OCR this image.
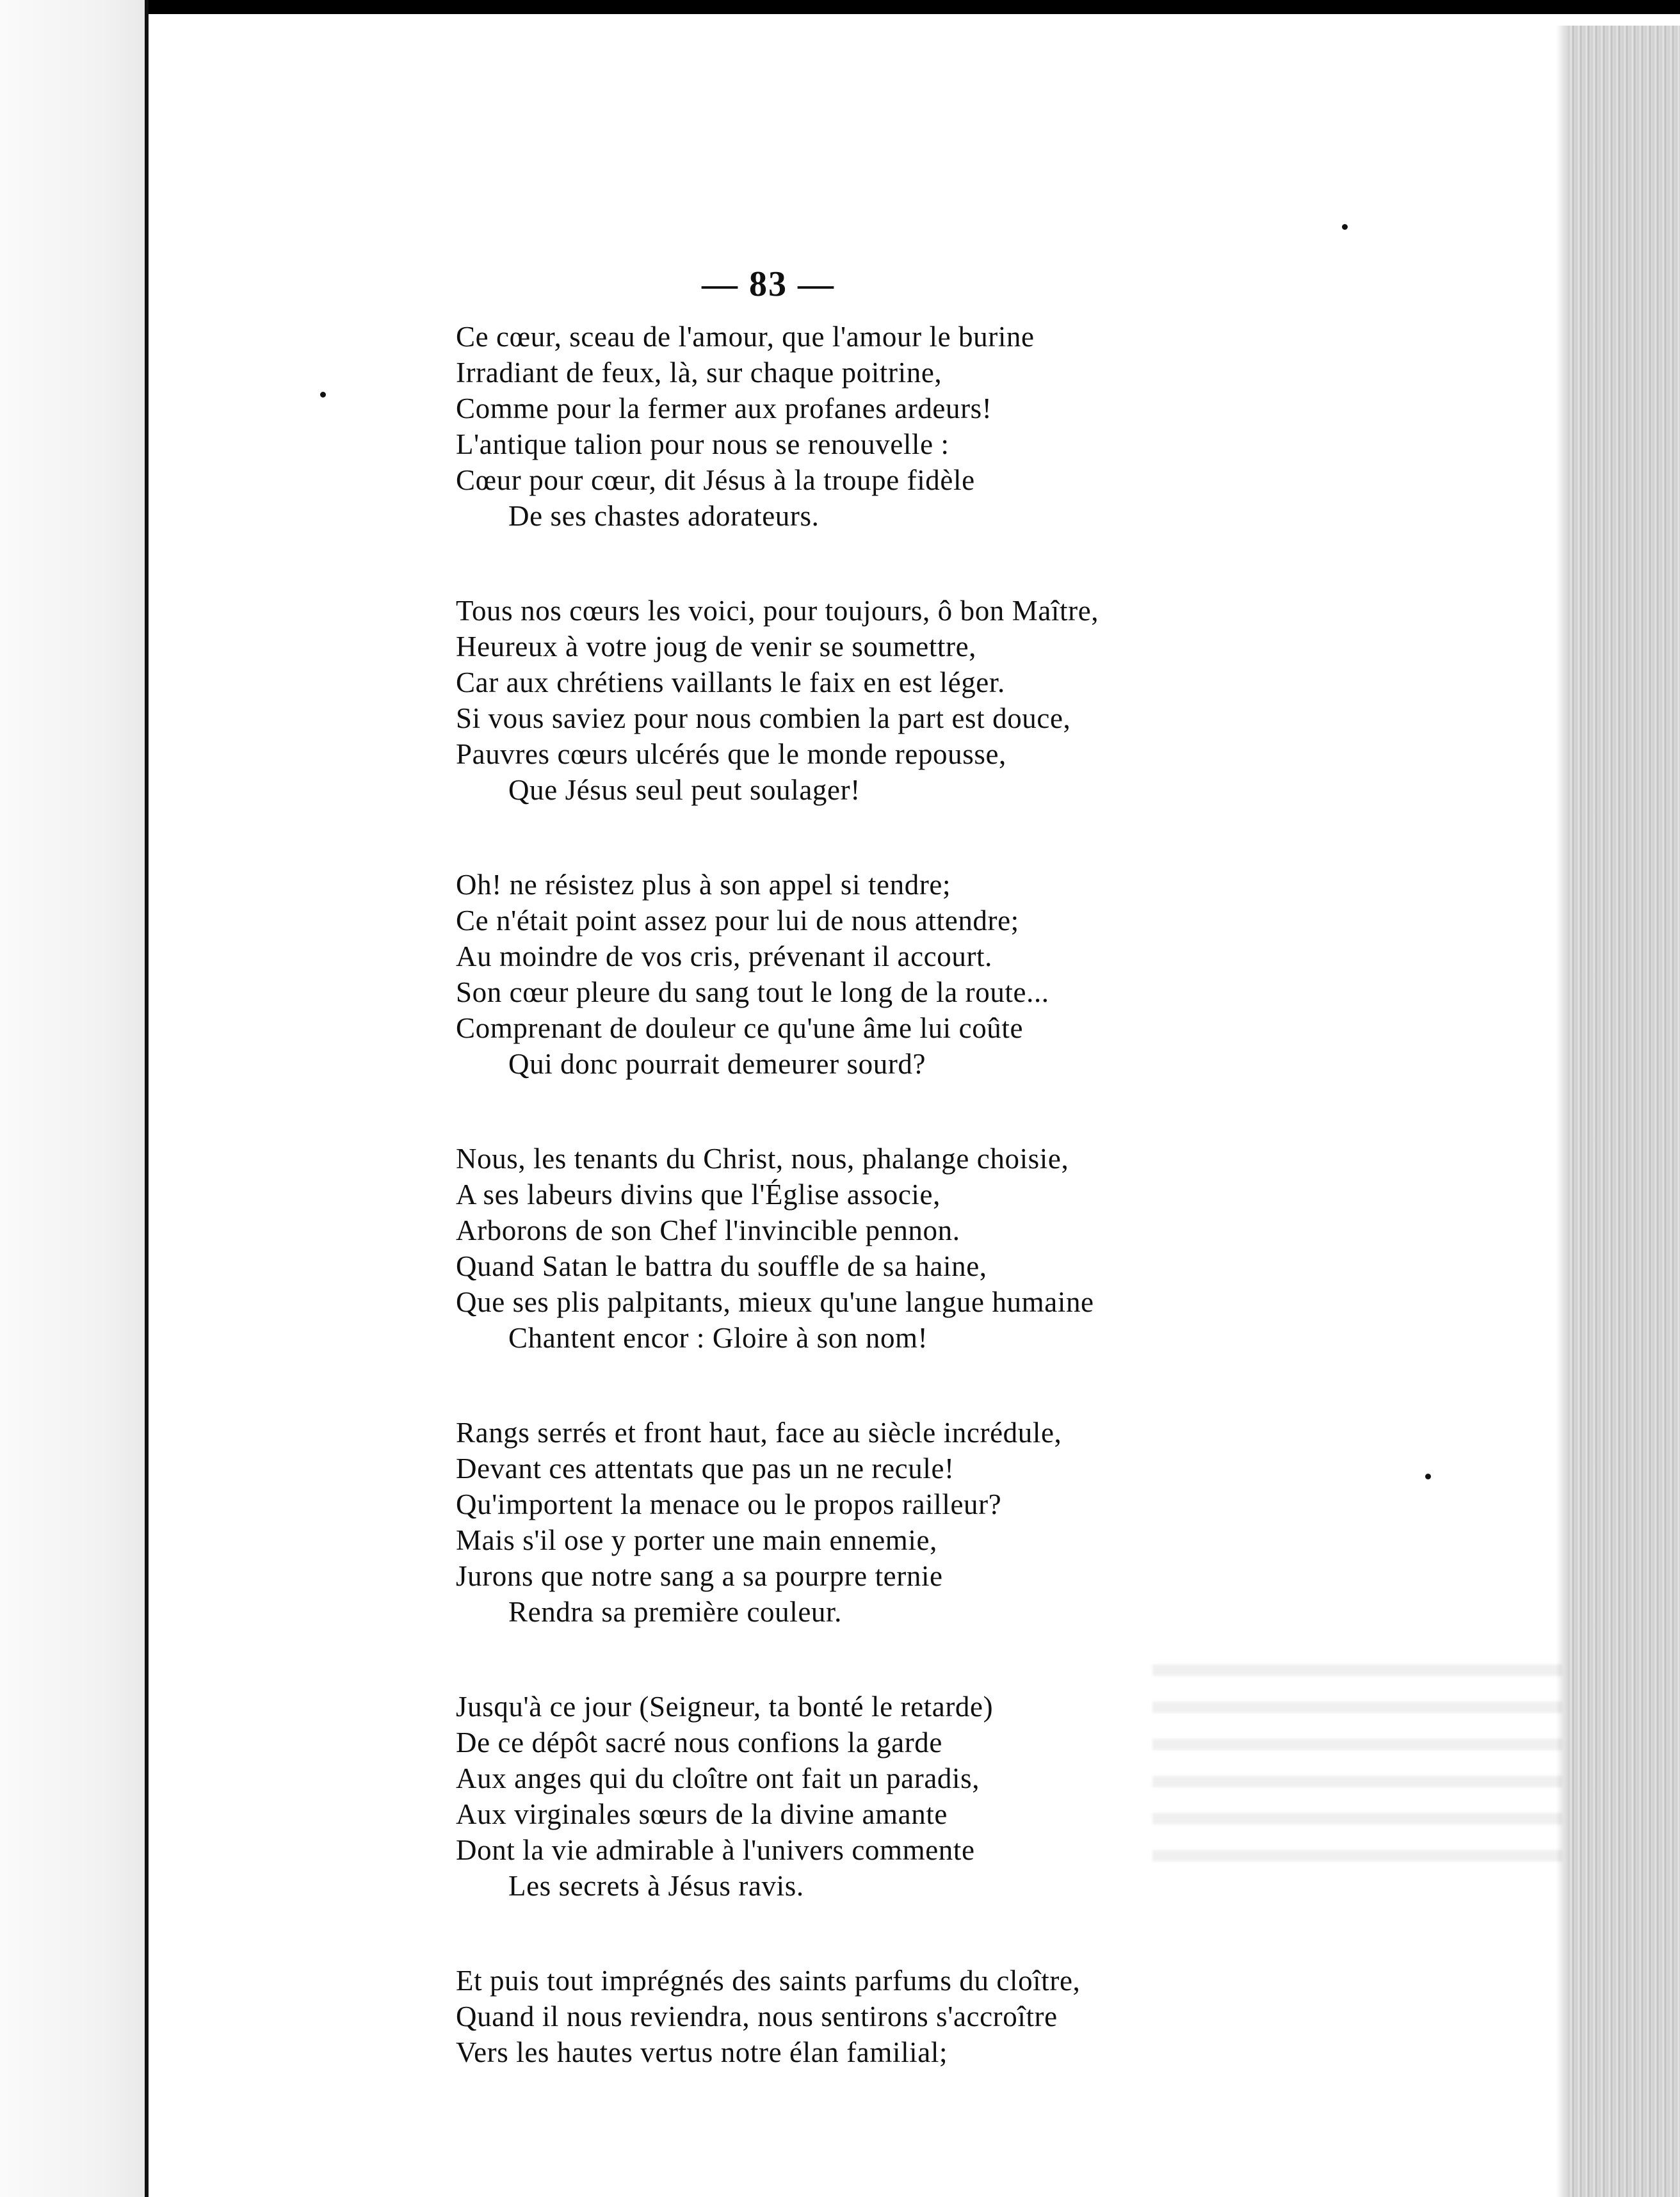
— 83 —
Ce cœur, sceau de l'amour, que l'amour le burine
Irradiant de feux, là, sur chaque poitrine,
Comme pour la fermer aux profanes ardeurs!
L'antique talion pour nous se renouvelle :
Cœur pour cœur, dit Jésus à la troupe fidèle
De ses chastes adorateurs.
Tous nos cœurs les voici, pour toujours, ô bon Maître,
Heureux à votre joug de venir se soumettre,
Car aux chrétiens vaillants le faix en est léger.
Si vous saviez pour nous combien la part est douce,
Pauvres cœurs ulcérés que le monde repousse,
Que Jésus seul peut soulager!
Oh! ne résistez plus à son appel si tendre;
Ce n'était point assez pour lui de nous attendre;
Au moindre de vos cris, prévenant il accourt.
Son cœur pleure du sang tout le long de la route...
Comprenant de douleur ce qu'une âme lui coûte
Qui donc pourrait demeurer sourd?
Nous, les tenants du Christ, nous, phalange choisie,
A ses labeurs divins que l'Église associe,
Arborons de son Chef l'invincible pennon.
Quand Satan le battra du souffle de sa haine,
Que ses plis palpitants, mieux qu'une langue humaine
Chantent encor : Gloire à son nom!
Rangs serrés et front haut, face au siècle incrédule,
Devant ces attentats que pas un ne recule!
Qu'importent la menace ou le propos railleur?
Mais s'il ose y porter une main ennemie,
Jurons que notre sang a sa pourpre ternie
Rendra sa première couleur.
Jusqu'à ce jour (Seigneur, ta bonté le retarde)
De ce dépôt sacré nous confions la garde
Aux anges qui du cloître ont fait un paradis,
Aux virginales sœurs de la divine amante
Dont la vie admirable à l'univers commente
Les secrets à Jésus ravis.
Et puis tout imprégnés des saints parfums du cloître,
Quand il nous reviendra, nous sentirons s'accroître
Vers les hautes vertus notre élan familial;
